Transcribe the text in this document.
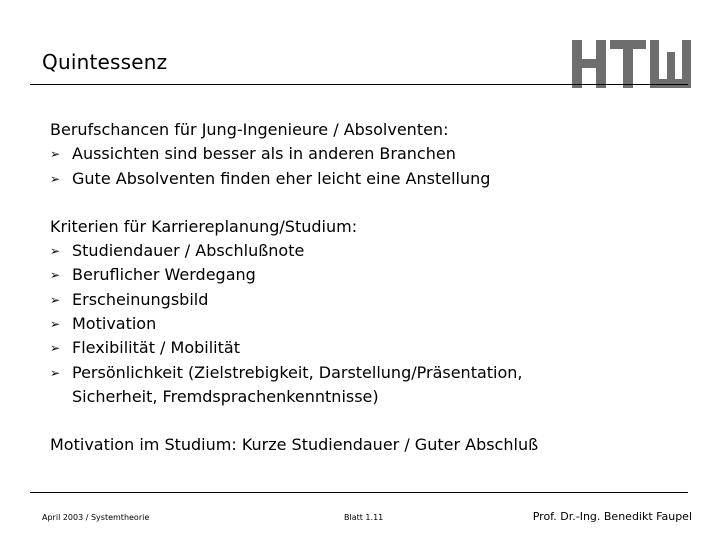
Quintessenz
Berufschancen für Jung-Ingenieure / Absolventen:
➢ Aussichten sind besser als in anderen Branchen
➢ Gute Absolventen finden eher leicht eine Anstellung
Kriterien für Karriereplanung/Studium:
➢ Studiendauer / Abschlußnote
➢ Beruflicher Werdegang
➢ Erscheinungsbild
➢ Motivation
➢ Flexibilität / Mobilität
➢ Persönlichkeit (Zielstrebigkeit, Darstellung/Präsentation, Sicherheit, Fremdsprachenkenntnisse)
Motivation im Studium: Kurze Studiendauer / Guter Abschluß
April 2003 / Systemtheorie	Blatt 1.11	Prof. Dr.-Ing. Benedikt Faupel
